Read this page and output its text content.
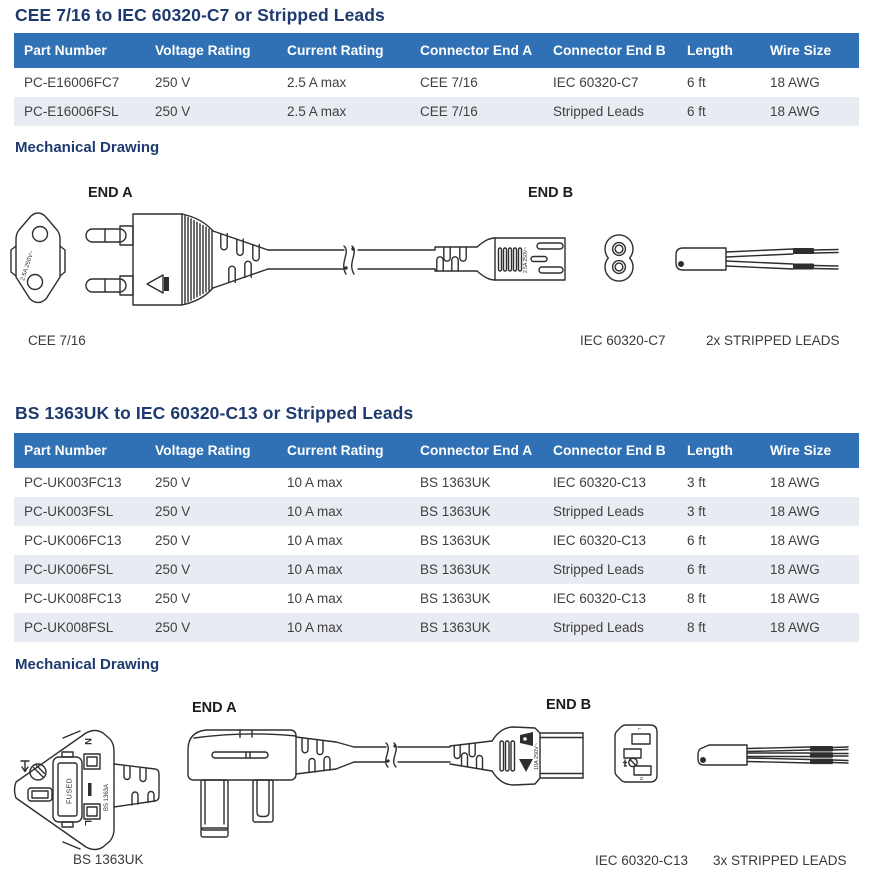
CEE 7/16 to IEC 60320-C7 or Stripped Leads
Part Number	Voltage Rating	Current Rating	Connector End A	Connector End B	Length	Wire Size
PC-E16006FC7	250 V	2.5 A max	CEE 7/16	IEC 60320-C7	6 ft	18 AWG
PC-E16006FSL	250 V	2.5 A max	CEE 7/16	Stripped Leads	6 ft	18 AWG
Mechanical Drawing
END A	END B
CEE 7/16	IEC 60320-C7	2x STRIPPED LEADS
2.5A 250V~	2.5A 250V~
BS 1363UK to IEC 60320-C13 or Stripped Leads
Part Number	Voltage Rating	Current Rating	Connector End A	Connector End B	Length	Wire Size
PC-UK003FC13	250 V	10 A max	BS 1363UK	IEC 60320-C13	3 ft	18 AWG
PC-UK003FSL	250 V	10 A max	BS 1363UK	Stripped Leads	3 ft	18 AWG
PC-UK006FC13	250 V	10 A max	BS 1363UK	IEC 60320-C13	6 ft	18 AWG
PC-UK006FSL	250 V	10 A max	BS 1363UK	Stripped Leads	6 ft	18 AWG
PC-UK008FC13	250 V	10 A max	BS 1363UK	IEC 60320-C13	8 ft	18 AWG
PC-UK008FSL	250 V	10 A max	BS 1363UK	Stripped Leads	8 ft	18 AWG
Mechanical Drawing
END A	END B
BS 1363UK	IEC 60320-C13 3x STRIPPED LEADS
FUSED
N
L
BS 1363A
10A 250V~
L
N
